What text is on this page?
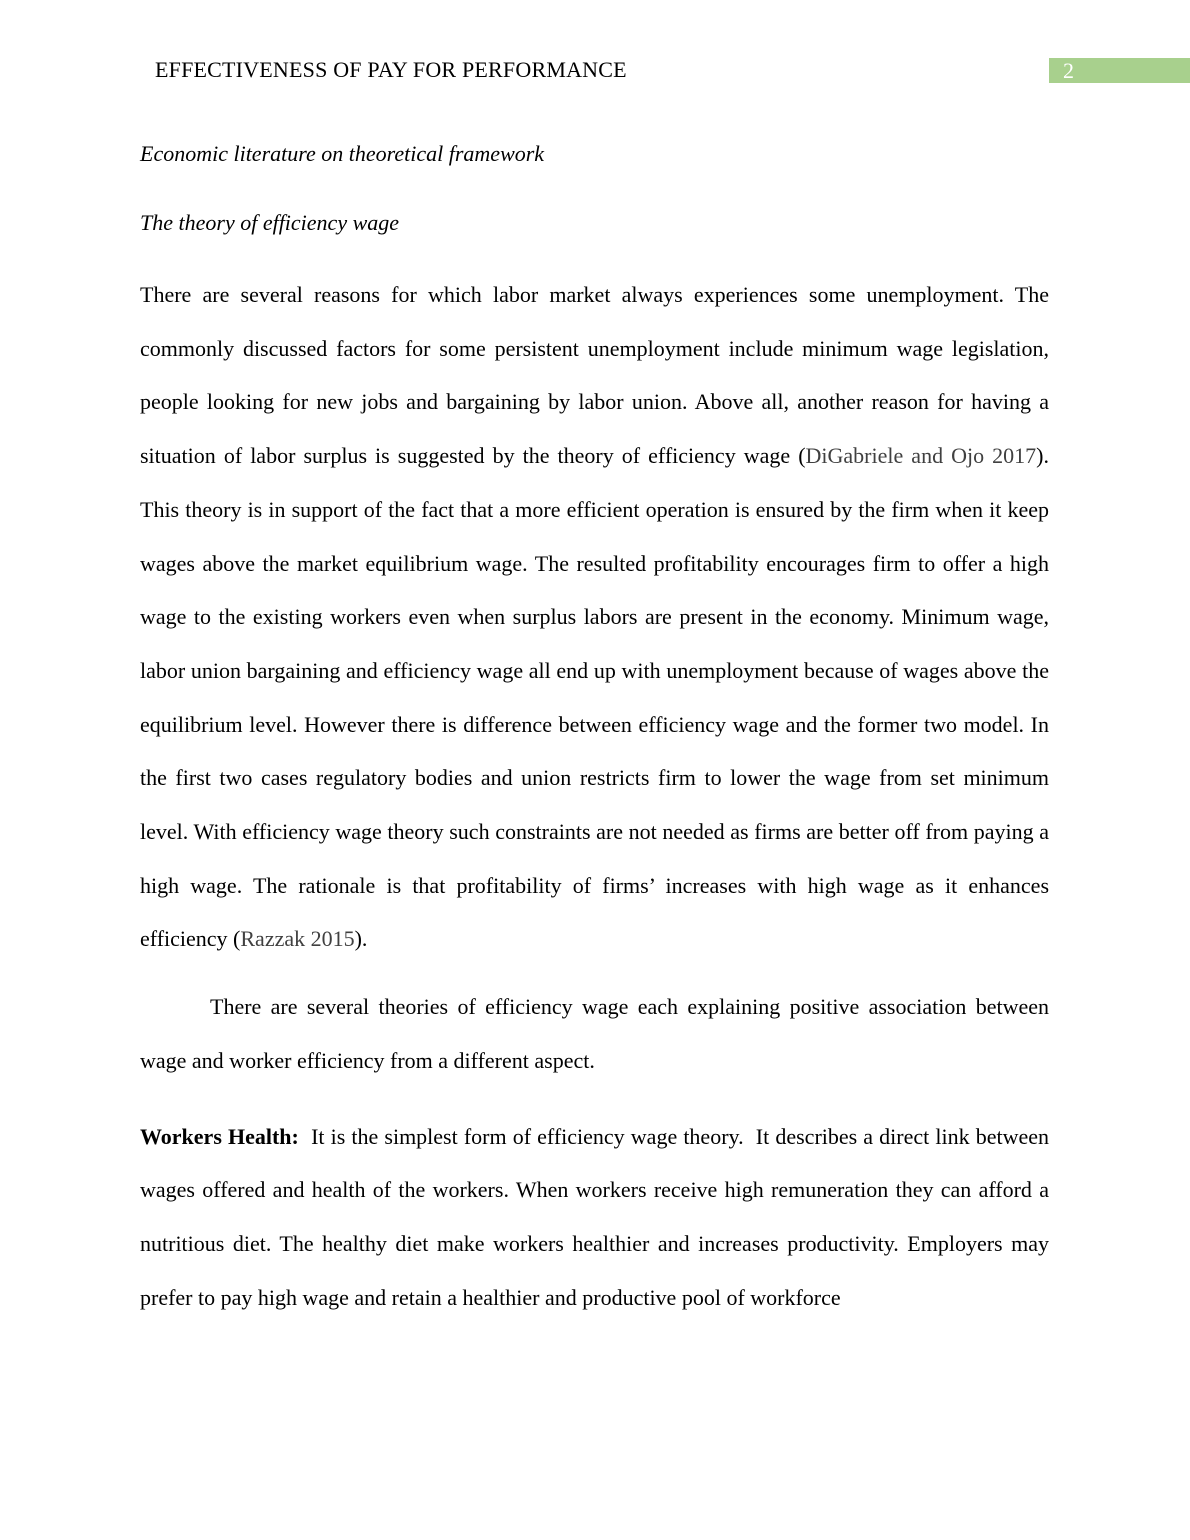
EFFECTIVENESS OF PAY FOR PERFORMANCE	2

Economic literature on theoretical framework

The theory of efficiency wage

There are several reasons for which labor market always experiences some unemployment. The commonly discussed factors for some persistent unemployment include minimum wage legislation, people looking for new jobs and bargaining by labor union. Above all, another reason for having a situation of labor surplus is suggested by the theory of efficiency wage (DiGabriele and Ojo 2017). This theory is in support of the fact that a more efficient operation is ensured by the firm when it keep wages above the market equilibrium wage. The resulted profitability encourages firm to offer a high wage to the existing workers even when surplus labors are present in the economy. Minimum wage, labor union bargaining and efficiency wage all end up with unemployment because of wages above the equilibrium level. However there is difference between efficiency wage and the former two model. In the first two cases regulatory bodies and union restricts firm to lower the wage from set minimum level. With efficiency wage theory such constraints are not needed as firms are better off from paying a high wage. The rationale is that profitability of firms’ increases with high wage as it enhances efficiency (Razzak 2015).

There are several theories of efficiency wage each explaining positive association between wage and worker efficiency from a different aspect.

Workers Health:  It is the simplest form of efficiency wage theory.  It describes a direct link between wages offered and health of the workers. When workers receive high remuneration they can afford a nutritious diet. The healthy diet make workers healthier and increases productivity. Employers may prefer to pay high wage and retain a healthier and productive pool of workforce
